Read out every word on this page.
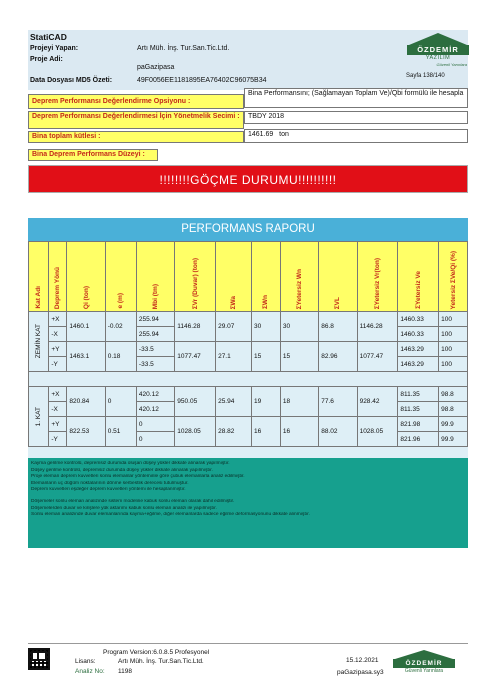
StatiCAD
Projeyi Yapan:	Artı Müh. İnş. Tur.San.Tic.Ltd.
Proje Adi:
paGazipasa
Data Dosyası MD5 Özeti:	49F0056EE1181895EA76402C96075B34
ÖZDEMİR
YAZILIM
Güvenli Yarınlara
Sayfa 138/140
Deprem Performansı Değerlendirme Opsiyonu :
Bina Performansını; (Sağlamayan Toplam Ve)/Qbi formülü ile hesapla
Deprem Performansı Değerlendirmesi İçin Yönetmelik Secimi :	TBDY 2018
Bina toplam kütlesi :	1461.69 ton
Bina Deprem Performans Düzeyi :
!!!!!!!!GÖÇME DURUMU!!!!!!!!!!
PERFORMANS RAPORU
Kat Adı	Deprem Yönü	Qi (ton)	e (m)	Mbi (tm)	ΣVr (Duvar) (ton)	ΣWa	ΣWn	ΣYetersiz Wn	ΣVL	ΣYetersiz Vr(ton)	ΣYetersiz Ve	Yetersiz ΣVe/Qi (%)

ZEMİN KAT	+X	1460.1	-0.02	255.94	1146.28	29.07	30	30	86.8	1146.28	1460.33	100
	-X			255.94							1460.33	100
	+Y	1463.1	0.18	-33.5	1077.47	27.1	15	15	82.96	1077.47	1463.29	100
	-Y			-33.5							1463.29	100

1. KAT	+X	820.84	0	420.12	950.05	25.94	19	18	77.6	928.42	811.35	98.8
	-X			420.12							811.35	98.8
	+Y	822.53	0.51	0	1028.05	28.82	16	16	88.02	1028.05	821.98	99.9
	-Y			0							821.96	99.9
Kayma gerilme kontrolü, depremsiz durumda oluşan düşey yükler dikkate alınarak yapılmıştır.
Düşey gerilme kontrolü, depremsiz durumda düşey yükler dikkate alınarak yapılmıştır.
Proje eleman deprem kuvvetleri sonlu elemanlar yönteminle göre çubuk elemanlarla analiz edilmiştir.
Elemanların uç düğüm noktalarının dönme serbestlik derecesi tutulmuştur.
Deprem kuvvetleri eşdeğer deprem kuvvetleri yöntemi ile hesaplanmıştır.
Döşemeler sonlu eleman analizinde sistem modeline kabuk sonlu eleman olarak dahil edilmiştir.
Döşemelerden duvar ve kirişlere yük aktarımı kabuk sonlu eleman analizi ile yapılmıştır.
Sonlu eleman analizinde duvar elemanlarında kayma+eğilme, diğer elemanlarda sadece eğilme deformasyonunu dikkate alınmıştır.
Program Version:6.0.8.5 Profesyonel
Lisans:	Artı Müh. İnş. Tur.San.Tic.Ltd.
Analiz No: 1198
15.12.2021
paGazipasa.sy3
ÖZDEMİR
Güvenli Yarınlara
